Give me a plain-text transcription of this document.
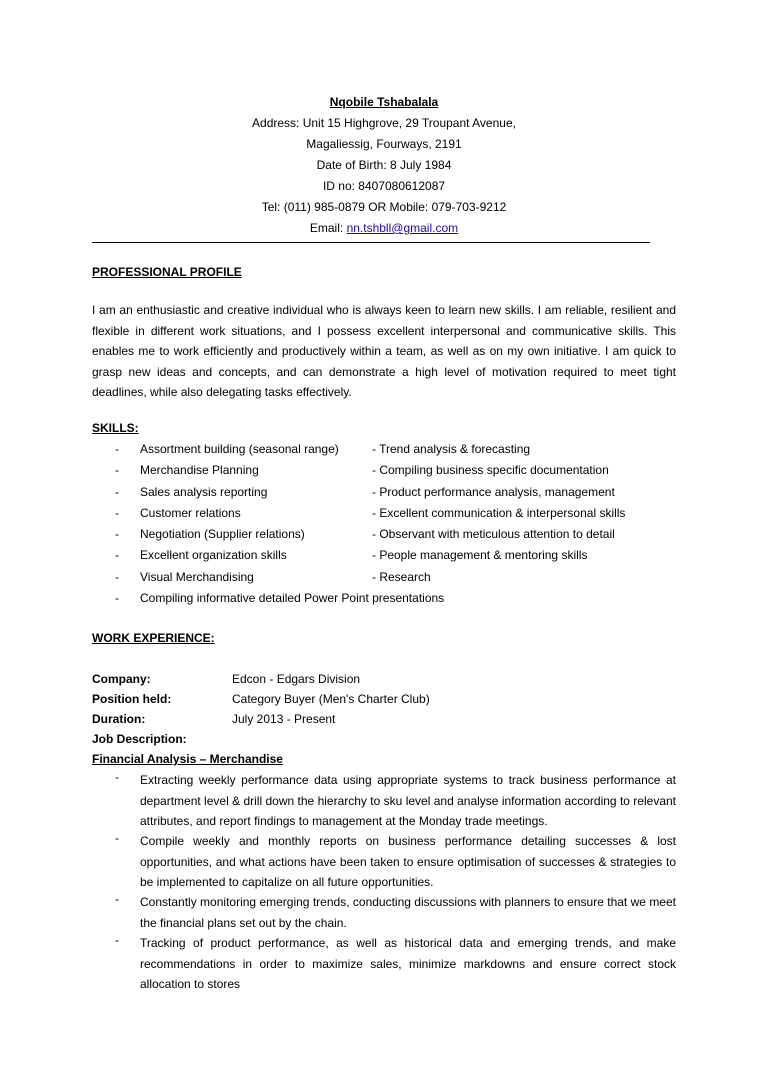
Nqobile Tshabalala
Address: Unit 15 Highgrove, 29 Troupant Avenue,
Magaliessig, Fourways, 2191
Date of Birth: 8 July 1984
ID no: 8407080612087
Tel: (011) 985-0879 OR Mobile: 079-703-9212
Email: nn.tshbll@gmail.com
PROFESSIONAL PROFILE
I am an enthusiastic and creative individual who is always keen to learn new skills. I am reliable, resilient and flexible in different work situations, and I possess excellent interpersonal and communicative skills. This enables me to work efficiently and productively within a team, as well as on my own initiative. I am quick to grasp new ideas and concepts, and can demonstrate a high level of motivation required to meet tight deadlines, while also delegating tasks effectively.
SKILLS:
- Assortment building (seasonal range)	- Trend analysis & forecasting
- Merchandise Planning	- Compiling business specific documentation
- Sales analysis reporting	- Product performance analysis, management
- Customer relations	- Excellent communication & interpersonal skills
- Negotiation (Supplier relations)	- Observant with meticulous attention to detail
- Excellent organization skills	- People management & mentoring skills
- Visual Merchandising	- Research
- Compiling informative detailed Power Point presentations
WORK EXPERIENCE:
Company:	Edcon - Edgars Division
Position held:	Category Buyer (Men's Charter Club)
Duration:	July 2013 - Present
Job Description:
Financial Analysis – Merchandise
- Extracting weekly performance data using appropriate systems to track business performance at department level & drill down the hierarchy to sku level and analyse information according to relevant attributes, and report findings to management at the Monday trade meetings.
- Compile weekly and monthly reports on business performance detailing successes & lost opportunities, and what actions have been taken to ensure optimisation of successes & strategies to be implemented to capitalize on all future opportunities.
- Constantly monitoring emerging trends, conducting discussions with planners to ensure that we meet the financial plans set out by the chain.
- Tracking of product performance, as well as historical data and emerging trends, and make recommendations in order to maximize sales, minimize markdowns and ensure correct stock allocation to stores
